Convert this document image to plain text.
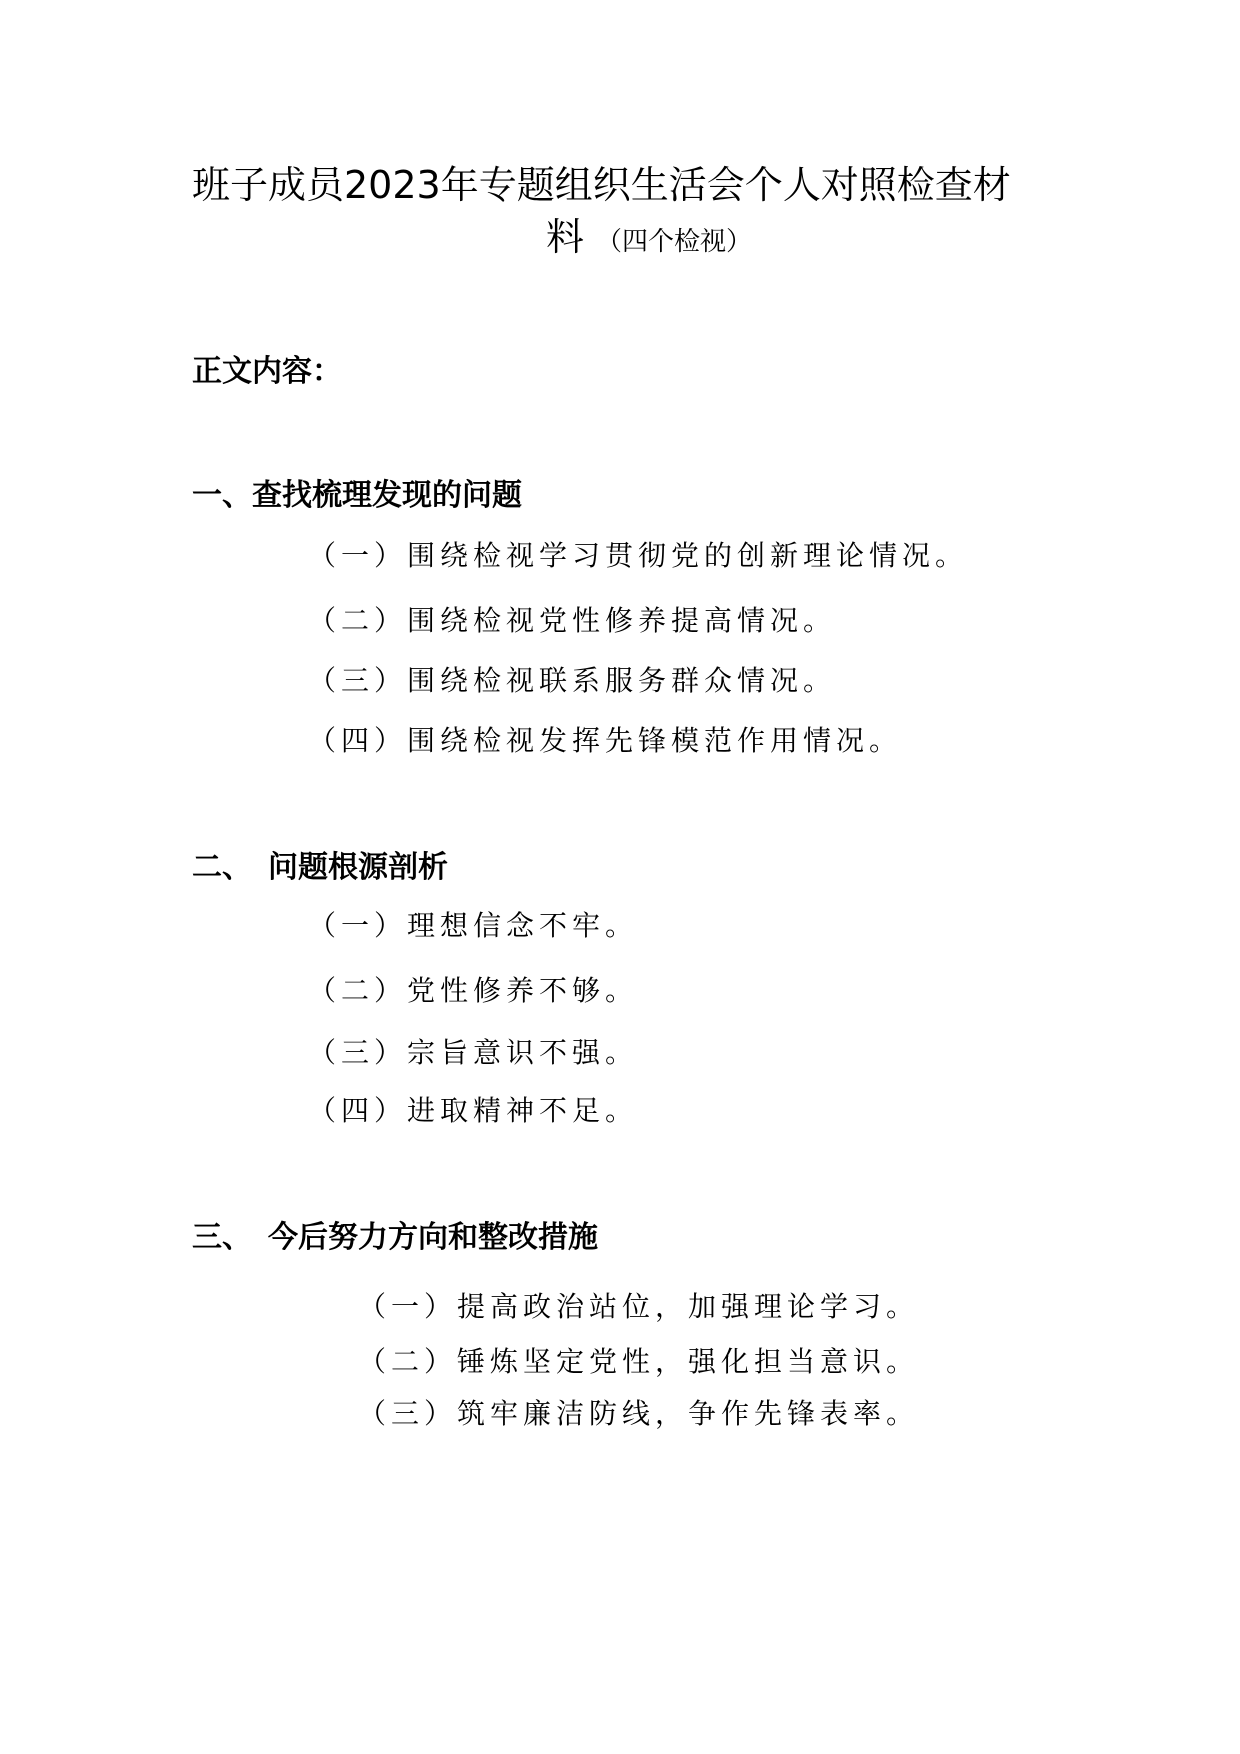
班子成员2023年专题组织生活会个人对照检查材
料 （四个检视）
正文内容：
一、查找梳理发现的问题
（一）围绕检视学习贯彻党的创新理论情况。
（二）围绕检视党性修养提高情况。
（三）围绕检视联系服务群众情况。
（四）围绕检视发挥先锋模范作用情况。
二、 问题根源剖析
（一）理想信念不牢。
（二）党性修养不够。
（三）宗旨意识不强。
（四）进取精神不足。
三、 今后努力方向和整改措施
（一）提高政治站位，加强理论学习。
（二）锤炼坚定党性，强化担当意识。
（三）筑牢廉洁防线，争作先锋表率。
